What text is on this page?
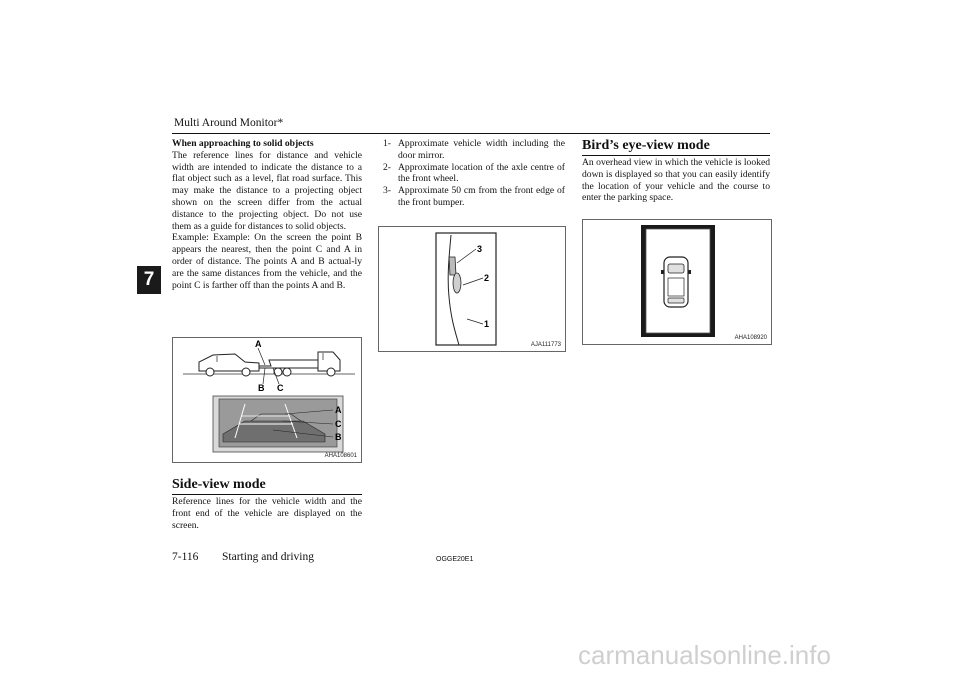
Multi Around Monitor*
7

When approaching to solid objects

The reference lines for distance and vehicle width are intended to indicate the distance to a flat object such as a level, flat road surface. This may make the distance to a projecting object shown on the screen differ from the actual distance to the projecting object. Do not use them as a guide for distances to solid objects.

Example: Example: On the screen the point B appears the nearest, then the point C and A in order of distance. The points A and B actual-ly are the same distances from the vehicle, and the point C is farther off than the points A and B.

A
B C
A
C
B
AHA108601
Side-view mode
Reference lines for the vehicle width and the front end of the vehicle are displayed on the screen.
1- Approximate vehicle width including the door mirror.
2- Approximate location of the axle centre of the front wheel.
3- Approximate 50 cm from the front edge of the front bumper.
3
2
1
AJA111773
Bird’s eye-view mode
An overhead view in which the vehicle is looked down is displayed so that you can easily identify the location of your vehicle and the course to enter the parking space.
AHA108920
7-116 Starting and driving	OGGE20E1
carmanualsonline.info
